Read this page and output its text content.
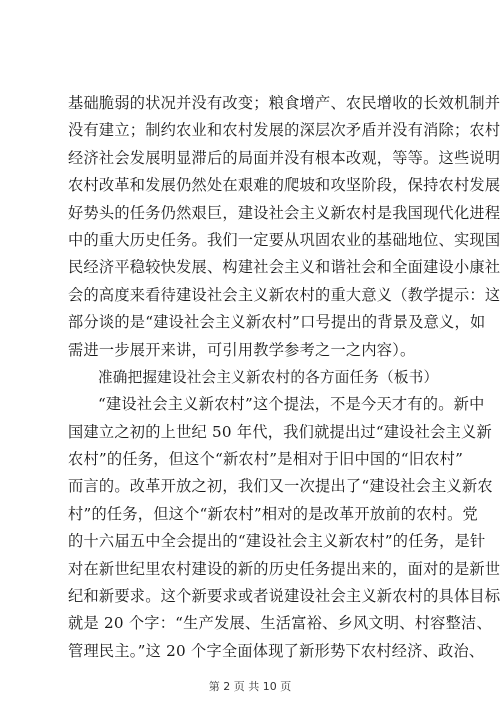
基础脆弱的状况并没有改变；粮食增产、农民增收的长效机制并
没有建立；制约农业和农村发展的深层次矛盾并没有消除；农村
经济社会发展明显滞后的局面并没有根本改观，等等。这些说明
农村改革和发展仍然处在艰难的爬坡和攻坚阶段，保持农村发展
好势头的任务仍然艰巨，建设社会主义新农村是我国现代化进程
中的重大历史任务。我们一定要从巩固农业的基础地位、实现国
民经济平稳较快发展、构建社会主义和谐社会和全面建设小康社
会的高度来看待建设社会主义新农村的重大意义（教学提示：这
部分谈的是“建设社会主义新农村”口号提出的背景及意义，如
需进一步展开来讲，可引用教学参考之一之内容）。
准确把握建设社会主义新农村的各方面任务（板书）
“建设社会主义新农村”这个提法，不是今天才有的。新中
国建立之初的上世纪 50 年代，我们就提出过“建设社会主义新
农村”的任务，但这个“新农村”是相对于旧中国的“旧农村”
而言的。改革开放之初，我们又一次提出了“建设社会主义新农
村”的任务，但这个“新农村”相对的是改革开放前的农村。党
的十六届五中全会提出的“建设社会主义新农村”的任务，是针
对在新世纪里农村建设的新的历史任务提出来的，面对的是新世
纪和新要求。这个新要求或者说建设社会主义新农村的具体目标
就是 20 个字：“生产发展、生活富裕、乡风文明、村容整洁、
管理民主。”这 20 个字全面体现了新形势下农村经济、政治、
第 2 页 共 10 页
